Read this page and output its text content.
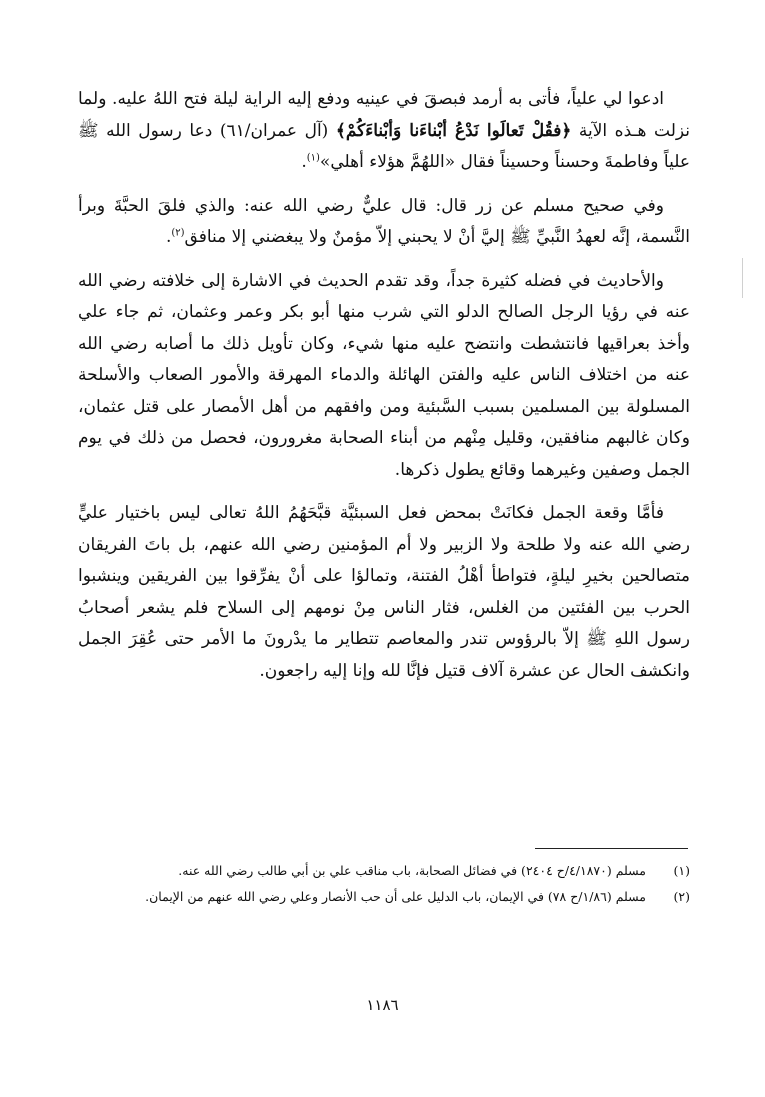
ادعوا لي علياً، فأتى به أرمد فبصقَ في عينيه ودفع إليه الراية ليلة فتح اللهُ عليه. ولما نزلت هـذه الآية ﴿فقُلْ تَعالَوا نَدْعُ أبْناءَنا وَأبْناءَكُمْ﴾ (آل عمران/٦١) دعا رسول الله ﷺ علياً وفاطمةَ وحسناً وحسيناً فقال «اللهُمَّ هؤلاء أهلي»$^{(١)}$.

وفي صحيح مسلم عن زر قال: قال عليٌّ رضي الله عنه: والذي فلقَ الحبَّةَ وبرأ النَّسمة، إنَّه لعهدُ النَّبيِّ ﷺ إليَّ أنْ لا يحبني إلاّ مؤمنٌ ولا يبغضني إلا منافق$^{(٢)}$.

والأحاديث في فضله كثيرة جداً، وقد تقدم الحديث في الاشارة إلى خلافته رضي الله عنه في رؤيا الرجل الصالح الدلو التي شرب منها أبو بكر وعمر وعثمان، ثم جاء علي وأخذ بعراقيها فانتشطت وانتضح عليه منها شيء، وكان تأويل ذلك ما أصابه رضي الله عنه من اختلاف الناس عليه والفتن الهائلة والدماء المهرقة والأمور الصعاب والأسلحة المسلولة بين المسلمين بسبب السَّبئية ومن وافقهم من أهل الأمصار على قتل عثمان، وكان غالبهم منافقين، وقليل مِنْهم من أبناء الصحابة مغرورون، فحصل من ذلك في يوم الجمل وصفين وغيرهما وقائع يطول ذكرها.

فأمَّا وقعة الجمل فكانَتْ بمحض فعل السبئيَّة قبَّحَهُمُ اللهُ تعالى ليس باختيار عليٍّ رضي الله عنه ولا طلحة ولا الزبير ولا أم المؤمنين رضي الله عنهم، بل باتَ الفريقان متصالحين بخيرِ ليلةٍ، فتواطأ أهْلُ الفتنة، وتمالؤا على أنْ يفرِّقوا بين الفريقين وينشبوا الحرب بين الفئتين من الغلس، فثار الناس مِنْ نومهم إلى السلاح فلم يشعر أصحابُ رسول اللهِ ﷺ إلاّ بالرؤوس تندر والمعاصم تتطاير ما يدْرونَ ما الأمر حتى عُقِرَ الجمل وانكشف الحال عن عشرة آلاف قتيل فإنَّا لله وإنا إليه راجعون.

(١)
مسلم (٤/١٨٧٠/ح ٢٤٠٤) في فضائل الصحابة، باب مناقب علي بن أبي طالب رضي الله عنه.
(٢)
مسلم (١/٨٦/ح ٧٨) في الإيمان، باب الدليل على أن حب الأنصار وعلي رضي الله عنهم من الإيمان.
١١٨٦
